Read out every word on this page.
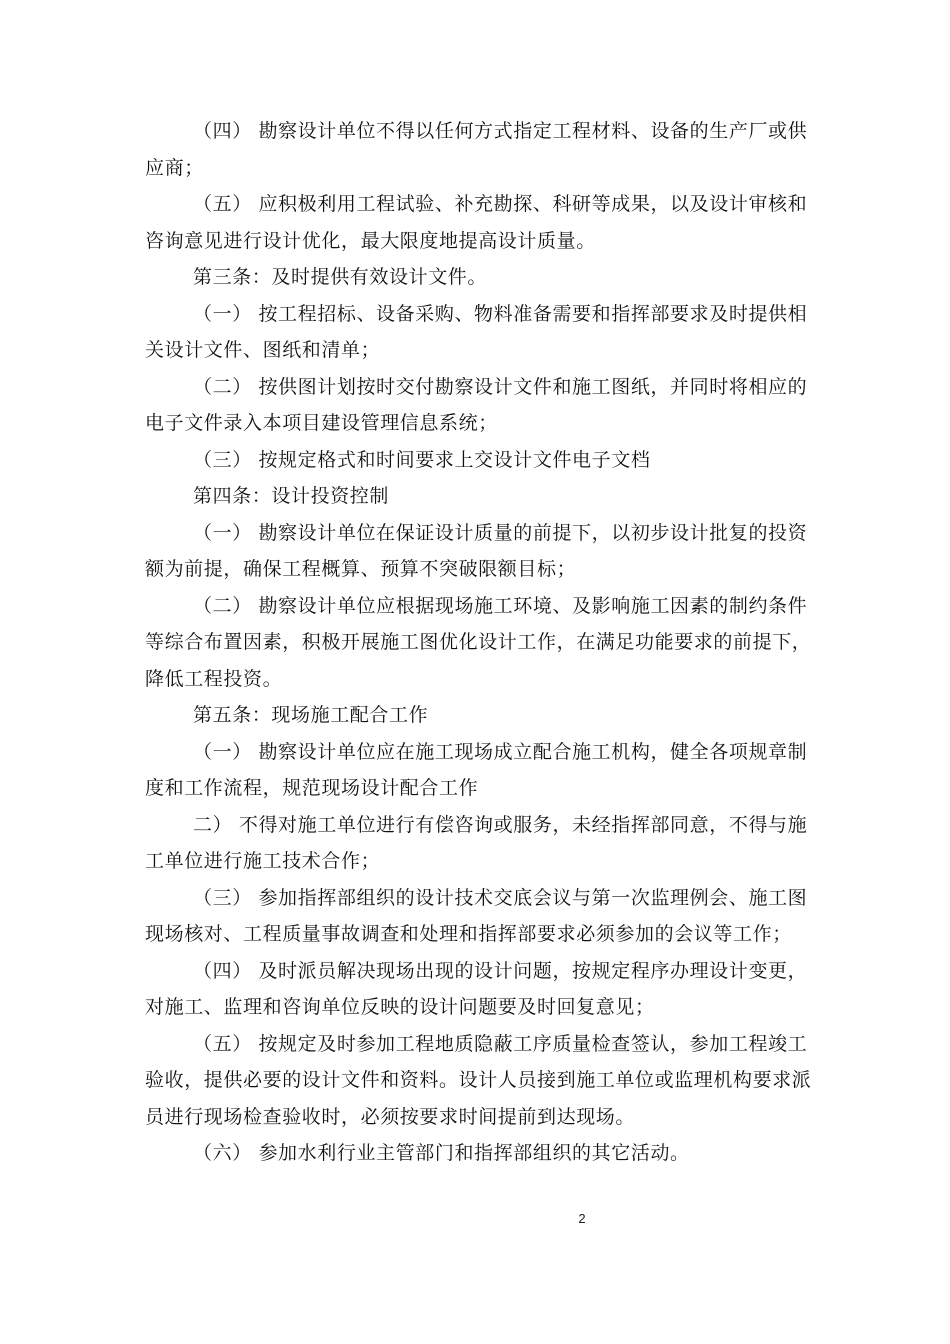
（四） 勘察设计单位不得以任何方式指定工程材料、设备的生产厂或供
应商；
（五） 应积极利用工程试验、补充勘探、科研等成果，以及设计审核和
咨询意见进行设计优化，最大限度地提高设计质量。
第三条：及时提供有效设计文件。
（一） 按工程招标、设备采购、物料准备需要和指挥部要求及时提供相
关设计文件、图纸和清单；
（二） 按供图计划按时交付勘察设计文件和施工图纸，并同时将相应的
电子文件录入本项目建设管理信息系统；
（三） 按规定格式和时间要求上交设计文件电子文档
第四条：设计投资控制
（一） 勘察设计单位在保证设计质量的前提下，以初步设计批复的投资
额为前提，确保工程概算、预算不突破限额目标；
（二） 勘察设计单位应根据现场施工环境、及影响施工因素的制约条件
等综合布置因素，积极开展施工图优化设计工作，在满足功能要求的前提下，
降低工程投资。
第五条：现场施工配合工作
（一） 勘察设计单位应在施工现场成立配合施工机构，健全各项规章制
度和工作流程，规范现场设计配合工作
二） 不得对施工单位进行有偿咨询或服务，未经指挥部同意，不得与施
工单位进行施工技术合作；
（三） 参加指挥部组织的设计技术交底会议与第一次监理例会、施工图
现场核对、工程质量事故调查和处理和指挥部要求必须参加的会议等工作；
（四） 及时派员解决现场出现的设计问题，按规定程序办理设计变更，
对施工、监理和咨询单位反映的设计问题要及时回复意见；
（五） 按规定及时参加工程地质隐蔽工序质量检查签认，参加工程竣工
验收，提供必要的设计文件和资料。设计人员接到施工单位或监理机构要求派
员进行现场检查验收时，必须按要求时间提前到达现场。
（六） 参加水利行业主管部门和指挥部组织的其它活动。
2
